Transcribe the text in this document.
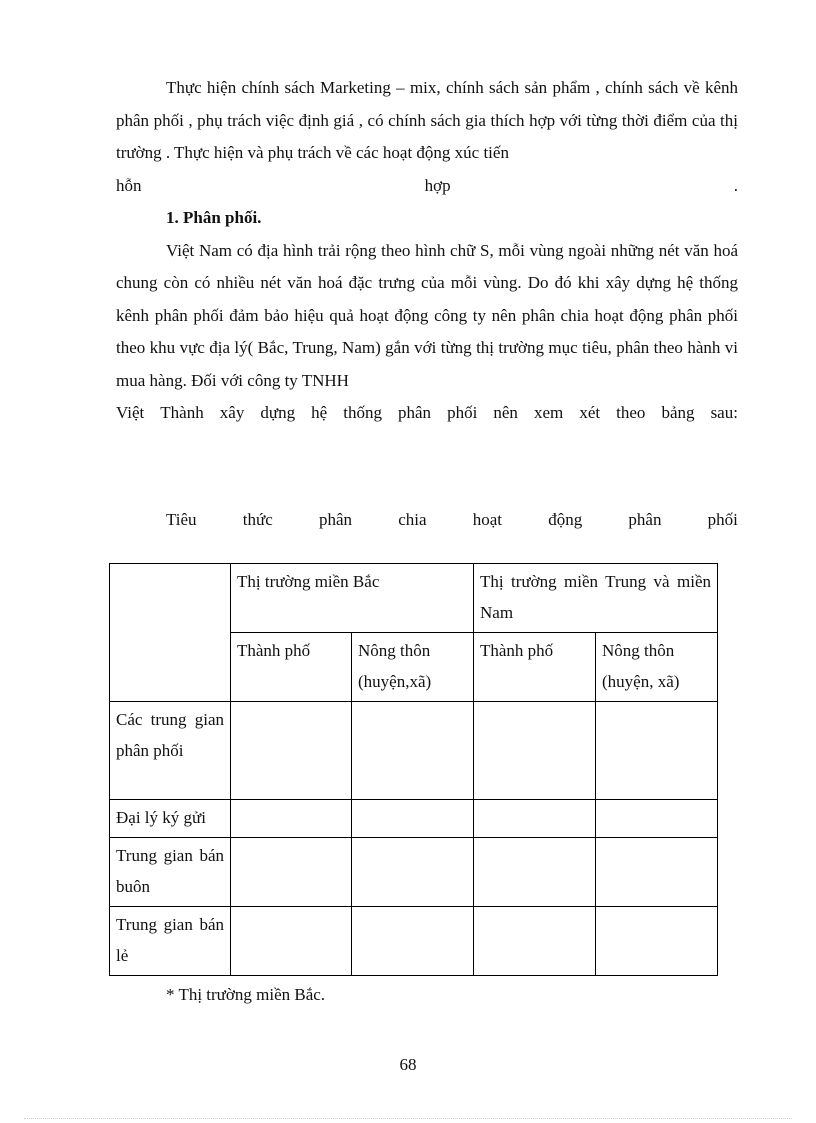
Thực hiện chính sách Marketing – mix, chính sách sản phẩm , chính sách về kênh phân phối , phụ trách việc định giá , có chính sách gia thích hợp với từng thời điểm của thị trường . Thực hiện và phụ trách về các hoạt động xúc tiến

hỗn	hợp	.
1. Phân phối.

Việt Nam có địa hình trải rộng theo hình chữ S, mỗi vùng ngoài những nét văn hoá chung còn có nhiều nét văn hoá đặc trưng của mỗi vùng. Do đó khi xây dựng hệ thống kênh phân phối đảm bảo hiệu quả hoạt động công ty nên phân chia hoạt động phân phối theo khu vực địa lý( Bắc, Trung, Nam) gắn với từng thị trường mục tiêu, phân theo hành vi mua hàng. Đối với công ty TNHH

Việt Thành xây dựng hệ thống phân phối nên xem xét theo bảng sau:
Tiêu	thức	phân	chia	hoạt	động	phân	phối
	Thị trường miền Bắc		Thị trường miền Trung và miền Nam	
	Thành phố	Nông thôn (huyện,xã)	Thành phố	Nông thôn (huyện, xã)
Các trung gian phân phối				
Đại lý ký gửi				
Trung gian bán buôn				
Trung gian bán lẻ				
* Thị trường miền Bắc.
68
